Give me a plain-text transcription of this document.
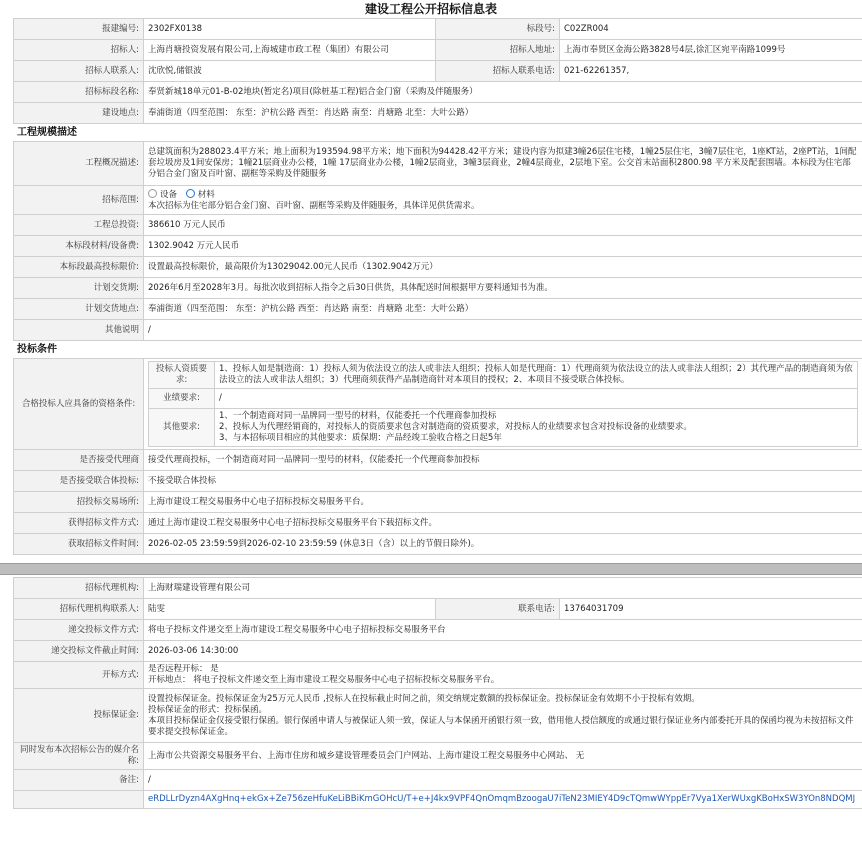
建设工程公开招标信息表
报建编号:	2302FX0138	标段号:	C02ZR004
招标人:	上海肖塘投资发展有限公司,上海城建市政工程（集团）有限公司	招标人地址:	上海市奉贤区金海公路3828号4层,徐汇区宛平南路1099号
招标人联系人:	沈欣悦,储银波	招标人联系电话:	021-62261357,
招标标段名称:	奉贤新城18单元01-B-02地块(暂定名)项目(除桩基工程)铝合金门窗（采购及伴随服务）		
建设地点:	奉浦街道（四至范围： 东至：沪杭公路 西至：肖达路 南至：肖塘路 北至：大叶公路）		
工程规模描述
工程概况描述:	总建筑面积为288023.4平方米；地上面积为193594.98平方米；地下面积为94428.42平方米；建设内容为拟建3幢26层住宅楼，1幢25层住宅，3幢7层住宅，1座KT站，2座PT站，1间配套垃圾房及1间安保房；1幢21层商业办公楼，1幢 17层商业办公楼，1幢2层商业，3幢3层商业，2幢4层商业，2层地下室。公交首末站面积2800.98 平方米及配套围墙。本标段为住宅部分铝合金门窗及百叶窗、副框等采购及伴随服务
招标范围:	设备 材料
本次招标为住宅部分铝合金门窗、百叶窗、副框等采购及伴随服务，具体详见供货需求。

工程总投资:	386610 万元人民币
本标段材料/设备费:	1302.9042 万元人民币
本标段最高投标限价:	设置最高投标限价，最高限价为13029042.00元人民币（1302.9042万元）
计划交货期:	2026年6月至2028年3月。每批次收到招标人指令之后30日供货，具体配送时间根据甲方要料通知书为准。
计划交货地点:	奉浦街道（四至范围： 东至：沪杭公路 西至：肖达路 南至：肖塘路 北至：大叶公路）
其他说明	/
投标条件
合格投标人应具备的资格条件:	
投标人资质要求:	1、投标人如是制造商：1）投标人须为依法设立的法人或非法人组织；投标人如是代理商：1）代理商须为依法设立的法人或非法人组织；2）其代理产品的制造商须为依法设立的法人或非法人组织；3）代理商须获得产品制造商针对本项目的授权；2、本项目不接受联合体投标。
业绩要求:	/
其他要求:	
1、一个制造商对同一品牌同一型号的材料，仅能委托一个代理商参加投标
2、投标人为代理经销商的，对投标人的资质要求包含对制造商的资质要求，对投标人的业绩要求包含对投标设备的业绩要求。
3、与本招标项目相应的其他要求：质保期：产品经竣工验收合格之日起5年

是否接受代理商	接受代理商投标，一个制造商对同一品牌同一型号的材料，仅能委托一个代理商参加投标
是否接受联合体投标:	不接受联合体投标
招投标交易场所:	上海市建设工程交易服务中心电子招标投标交易服务平台。
获得招标文件方式:	通过上海市建设工程交易服务中心电子招标投标交易服务平台下载招标文件。
获取招标文件时间:	2026-02-05 23:59:59到2026-02-10 23:59:59 (休息3日（含）以上的节假日除外)。
招标代理机构:	上海财瑞建设管理有限公司		
招标代理机构联系人:	陆雯	联系电话:	13764031709
递交投标文件方式:	将电子投标文件递交至上海市建设工程交易服务中心电子招标投标交易服务平台		
递交投标文件截止时间:	2026-03-06 14:30:00		
开标方式:	是否远程开标： 是
开标地点： 将电子投标文件递交至上海市建设工程交易服务中心电子招标投标交易服务平台。		

投标保证金:	设置投标保证金。投标保证金为25万元人民币 ,投标人在投标截止时间之前，须交纳规定数额的投标保证金。投标保证金有效期不小于投标有效期。
投标保证金的形式：投标保函。
本项目投标保证金仅接受银行保函。银行保函申请人与被保证人须一致，保证人与本保函开函银行须一致，借用他人授信额度的或通过银行保证业务内部委托开具的保函均视为未按招标文件要求提交投标保证金。		

同时发布本次招标公告的媒介名称:	上海市公共资源交易服务平台、上海市住房和城乡建设管理委员会门户网站、上海市建设工程交易服务中心网站、 无		
备注:	/		
	eRDLLrDyzn4AXgHnq+ekGx+Ze756zeHfuKeLiBBiKmGOHcU/T+e+J4kx9VPF4QnOmqmBzoogaU7iTeN23MIEY4D9cTQmwWYppEr7Vya1XerWUxgKBoHxSW3YOn8NDQMJ		
